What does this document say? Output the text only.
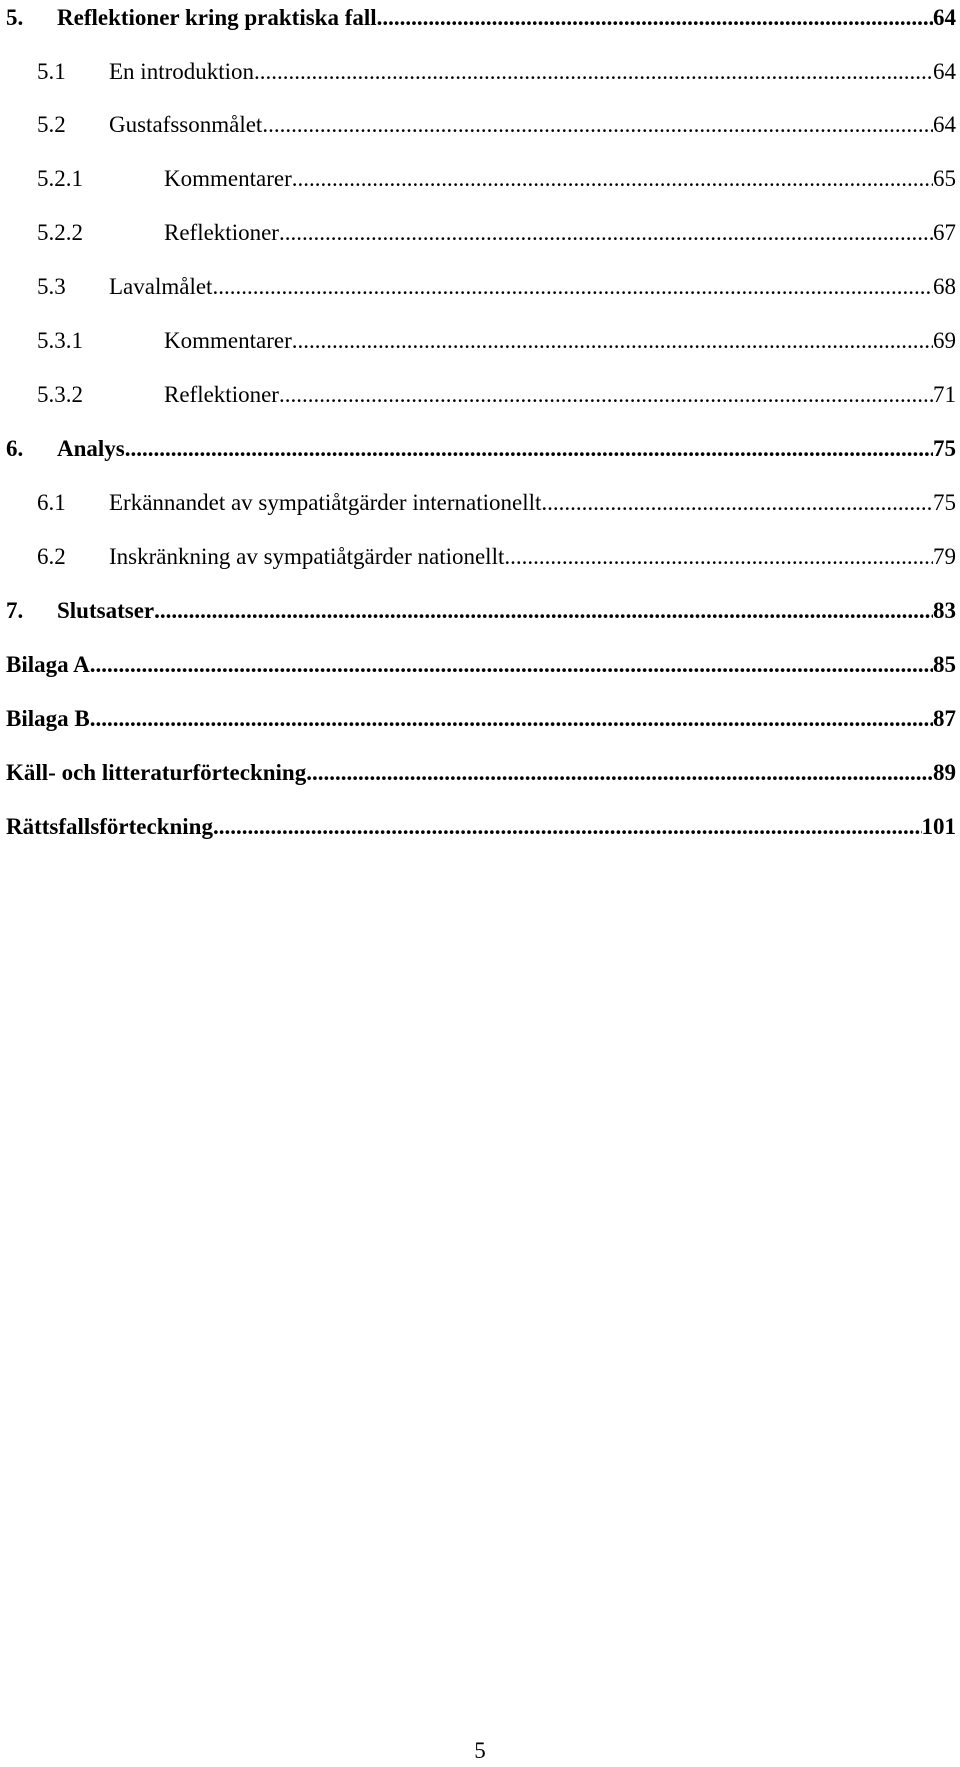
5.	Reflektioner kring praktiska fall .....	64
5.1	En introduktion .....	64
5.2	Gustafssonmålet .....	64
5.2.1	Kommentarer .....	65
5.2.2	Reflektioner .....	67
5.3	Lavalmålet .....	68
5.3.1	Kommentarer .....	69
5.3.2	Reflektioner .....	71
6.	Analys .....	75
6.1	Erkännandet av sympatiåtgärder internationellt .....	75
6.2	Inskränkning av sympatiåtgärder nationellt .....	79
7.	Slutsatser .....	83
Bilaga A .....	85
Bilaga B .....	87
Käll- och litteraturförteckning .....	89
Rättsfallsförteckning .....	101
5
